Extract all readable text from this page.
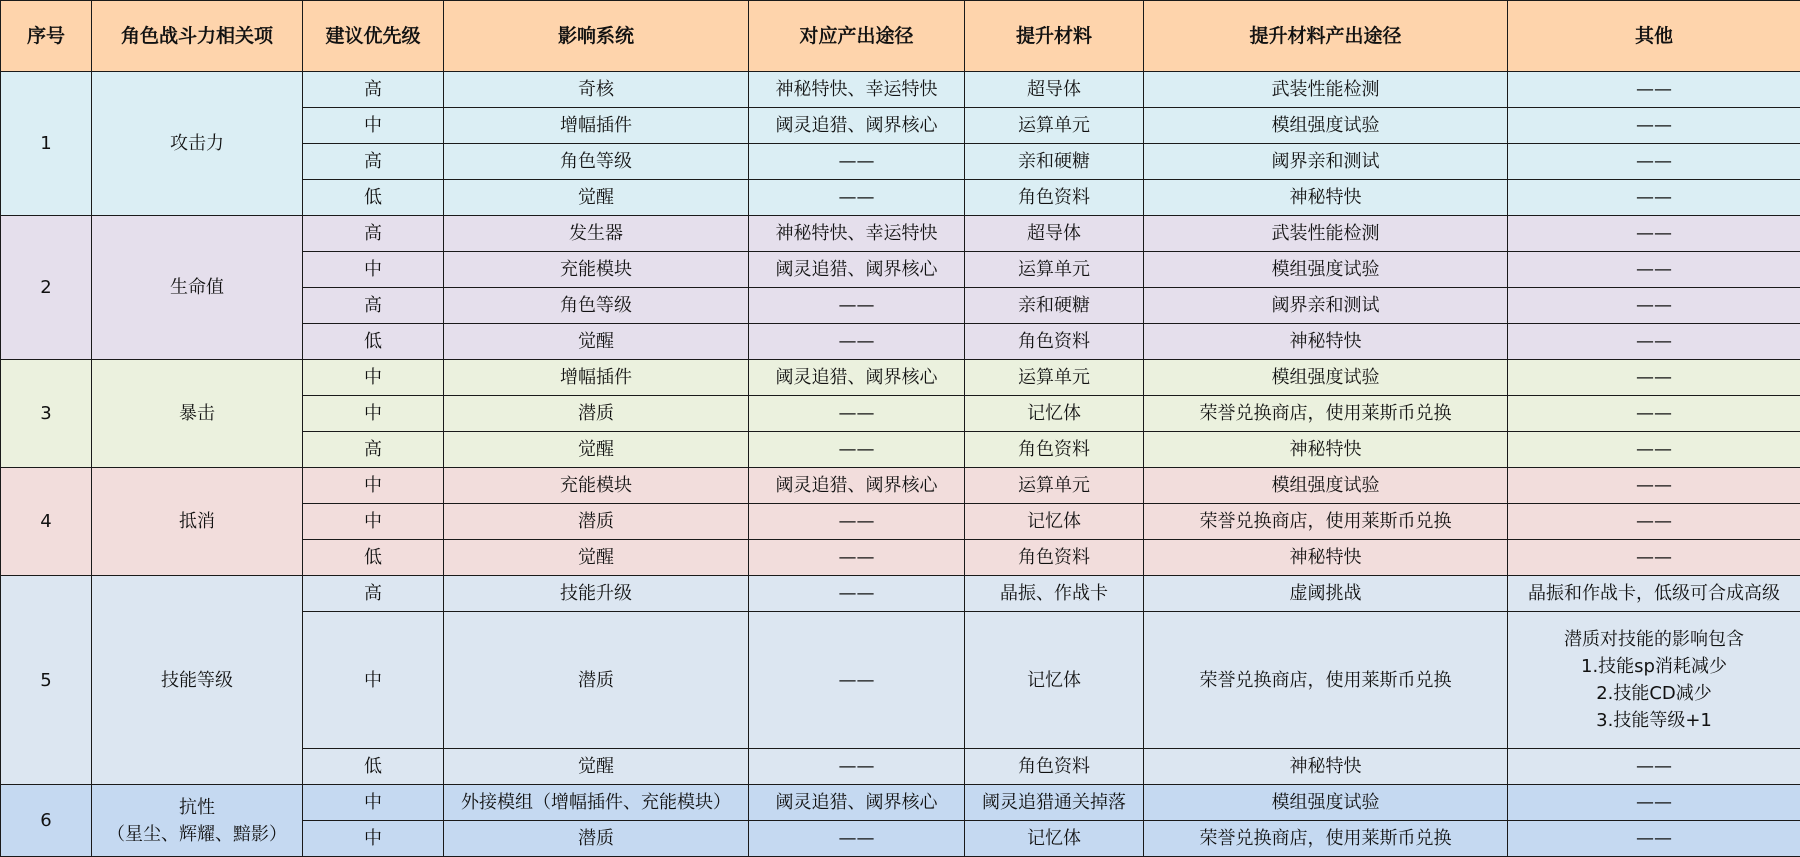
序号	角色战斗力相关项	建议优先级	影响系统	对应产出途径	提升材料	提升材料产出途径	其他
1	攻击力	高	奇核	神秘特快、幸运特快	超导体	武装性能检测	——
		中	增幅插件	阈灵追猎、阈界核心	运算单元	模组强度试验	——
		高	角色等级	——	亲和硬糖	阈界亲和测试	——
		低	觉醒	——	角色资料	神秘特快	——
2	生命值	高	发生器	神秘特快、幸运特快	超导体	武装性能检测	——
		中	充能模块	阈灵追猎、阈界核心	运算单元	模组强度试验	——
		高	角色等级	——	亲和硬糖	阈界亲和测试	——
		低	觉醒	——	角色资料	神秘特快	——
3	暴击	中	增幅插件	阈灵追猎、阈界核心	运算单元	模组强度试验	——
		中	潜质	——	记忆体	荣誉兑换商店，使用莱斯币兑换	——
		高	觉醒	——	角色资料	神秘特快	——
4	抵消	中	充能模块	阈灵追猎、阈界核心	运算单元	模组强度试验	——
		中	潜质	——	记忆体	荣誉兑换商店，使用莱斯币兑换	——
		低	觉醒	——	角色资料	神秘特快	——
5	技能等级	高	技能升级	——	晶振、作战卡	虚阈挑战	晶振和作战卡，低级可合成高级
		中	潜质	——	记忆体	荣誉兑换商店，使用莱斯币兑换	潜质对技能的影响包含
1.技能sp消耗减少
2.技能CD减少
3.技能等级+1

		低	觉醒	——	角色资料	神秘特快	——
6	抗性
（星尘、辉耀、黯影）	中	外接模组（增幅插件、充能模块）	阈灵追猎、阈界核心	阈灵追猎通关掉落	模组强度试验	——
		中	潜质	——	记忆体	荣誉兑换商店，使用莱斯币兑换	——
